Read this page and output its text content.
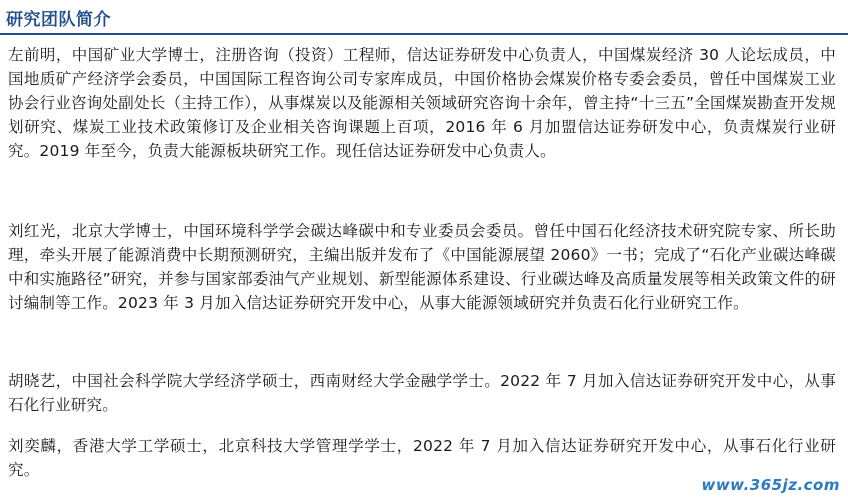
研究团队简介

左前明，中国矿业大学博士，注册咨询（投资）工程师，信达证券研发中心负责人，中国煤炭经济 30 人论坛成员，中国地质矿产经济学会委员，中国国际工程咨询公司专家库成员，中国价格协会煤炭价格专委会委员，曾任中国煤炭工业协会行业咨询处副处长（主持工作），从事煤炭以及能源相关领域研究咨询十余年，曾主持“十三五”全国煤炭勘查开发规划研究、煤炭工业技术政策修订及企业相关咨询课题上百项，2016 年 6 月加盟信达证券研发中心，负责煤炭行业研究。2019 年至今，负责大能源板块研究工作。现任信达证券研发中心负责人。

刘红光，北京大学博士，中国环境科学学会碳达峰碳中和专业委员会委员。曾任中国石化经济技术研究院专家、所长助理，牵头开展了能源消费中长期预测研究，主编出版并发布了《中国能源展望 2060》一书；完成了“石化产业碳达峰碳中和实施路径”研究，并参与国家部委油气产业规划、新型能源体系建设、行业碳达峰及高质量发展等相关政策文件的研讨编制等工作。2023 年 3 月加入信达证券研究开发中心，从事大能源领域研究并负责石化行业研究工作。

胡晓艺，中国社会科学院大学经济学硕士，西南财经大学金融学学士。2022 年 7 月加入信达证券研究开发中心，从事石化行业研究。

刘奕麟，香港大学工学硕士，北京科技大学管理学学士，2022 年 7 月加入信达证券研究开发中心，从事石化行业研究。

www.365jz.com
